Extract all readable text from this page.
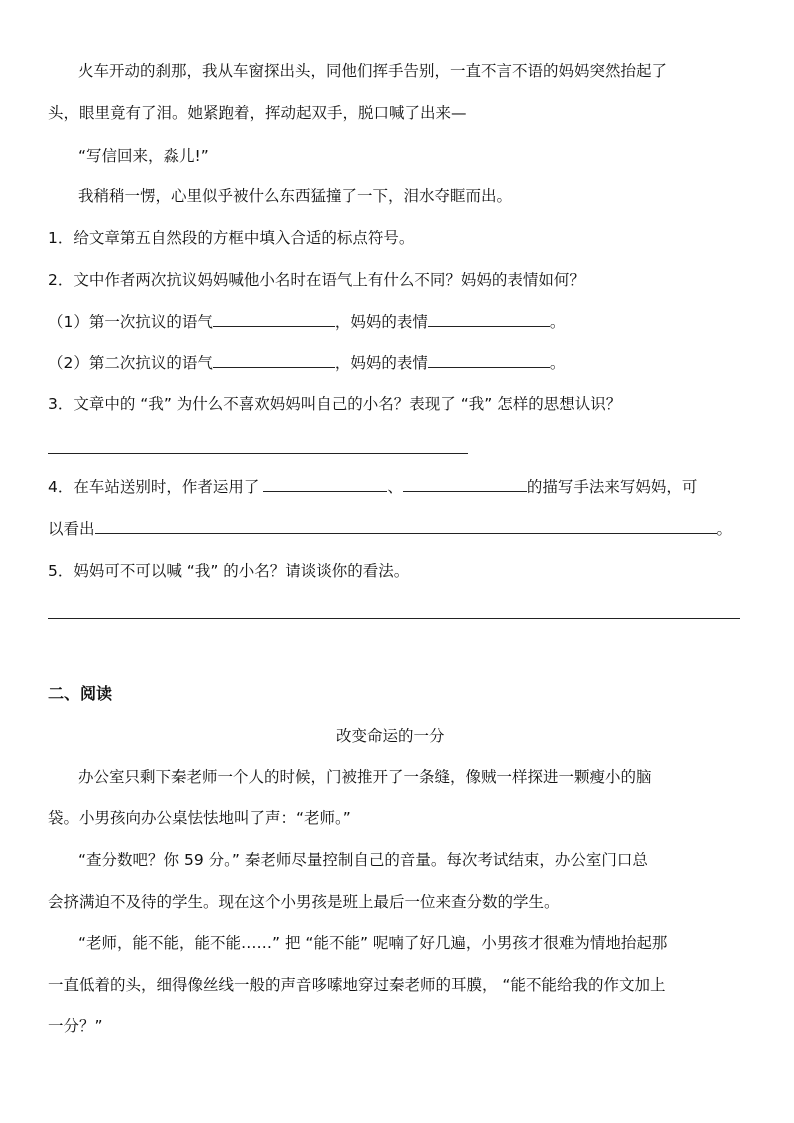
火车开动的刹那，我从车窗探出头，同他们挥手告别，一直不言不语的妈妈突然抬起了
头，眼里竟有了泪。她紧跑着，挥动起双手，脱口喊了出来—
“写信回来，淼儿!”
我稍稍一愣，心里似乎被什么东西猛撞了一下，泪水夺眶而出。
1．给文章第五自然段的方框中填入合适的标点符号。
2．文中作者两次抗议妈妈喊他小名时在语气上有什么不同？妈妈的表情如何？
（1）第一次抗议的语气	，妈妈的表情	。
（2）第二次抗议的语气	，妈妈的表情	。
3．文章中的 “我” 为什么不喜欢妈妈叫自己的小名？表现了 “我” 怎样的思想认识？
4．在车站送别时，作者运用了	、	的描写手法来写妈妈，可
以看出	。
5．妈妈可不可以喊 “我” 的小名？请谈谈你的看法。
二、阅读
改变命运的一分
办公室只剩下秦老师一个人的时候，门被推开了一条缝，像贼一样探进一颗瘦小的脑
袋。小男孩向办公桌怯怯地叫了声：“老师。”
“查分数吧？你 59 分。” 秦老师尽量控制自己的音量。每次考试结束，办公室门口总
会挤满迫不及待的学生。现在这个小男孩是班上最后一位来查分数的学生。
“老师，能不能，能不能……” 把 “能不能” 呢喃了好几遍，小男孩才很难为情地抬起那
一直低着的头，细得像丝线一般的声音哆嗦地穿过秦老师的耳膜， “能不能给我的作文加上
一分？”
